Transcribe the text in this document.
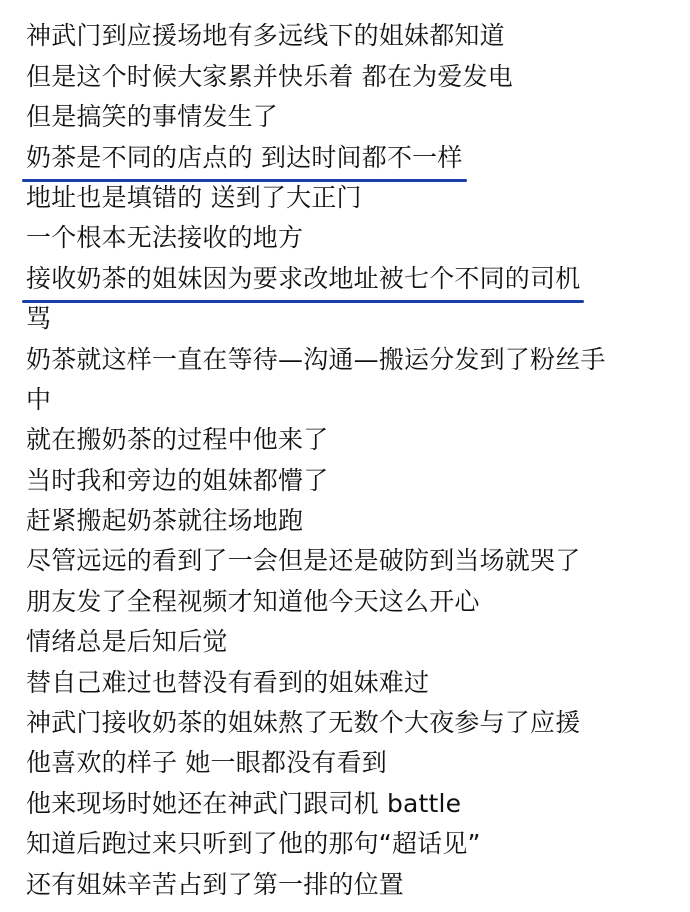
神武门到应援场地有多远线下的姐妹都知道
但是这个时候大家累并快乐着 都在为爱发电
但是搞笑的事情发生了
奶茶是不同的店点的 到达时间都不一样
地址也是填错的 送到了大正门
一个根本无法接收的地方
接收奶茶的姐妹因为要求改地址被七个不同的司机
骂
奶茶就这样一直在等待—沟通—搬运分发到了粉丝手
中
就在搬奶茶的过程中他来了
当时我和旁边的姐妹都懵了
赶紧搬起奶茶就往场地跑
尽管远远的看到了一会但是还是破防到当场就哭了
朋友发了全程视频才知道他今天这么开心
情绪总是后知后觉
替自己难过也替没有看到的姐妹难过
神武门接收奶茶的姐妹熬了无数个大夜参与了应援
他喜欢的样子 她一眼都没有看到
他来现场时她还在神武门跟司机 battle
知道后跑过来只听到了他的那句“超话见”
还有姐妹辛苦占到了第一排的位置
